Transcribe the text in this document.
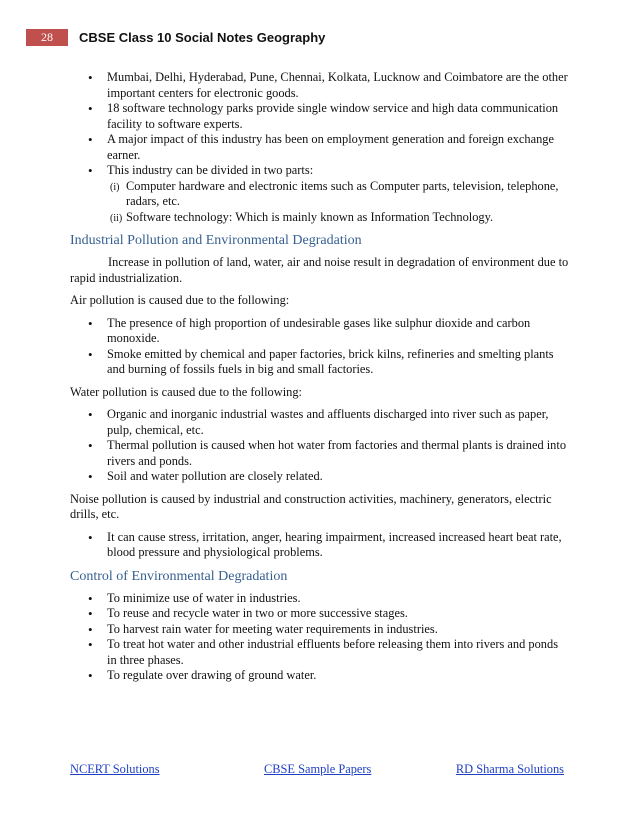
28	CBSE Class 10 Social Notes Geography
• Mumbai, Delhi, Hyderabad, Pune, Chennai, Kolkata, Lucknow and Coimbatore are the other important centers for electronic goods.
• 18 software technology parks provide single window service and high data communication facility to software experts.
• A major impact of this industry has been on employment generation and foreign exchange earner.
• This industry can be divided in two parts:
(i) Computer hardware and electronic items such as Computer parts, television, telephone, radars, etc.
(ii) Software technology: Which is mainly known as Information Technology.
Industrial Pollution and Environmental Degradation

Increase in pollution of land, water, air and noise result in degradation of environment due to rapid industrialization.

Air pollution is caused due to the following:

• The presence of high proportion of undesirable gases like sulphur dioxide and carbon monoxide.
• Smoke emitted by chemical and paper factories, brick kilns, refineries and smelting plants and burning of fossils fuels in big and small factories.

Water pollution is caused due to the following:

• Organic and inorganic industrial wastes and affluents discharged into river such as paper, pulp, chemical, etc.
• Thermal pollution is caused when hot water from factories and thermal plants is drained into rivers and ponds.
• Soil and water pollution are closely related.

Noise pollution is caused by industrial and construction activities, machinery, generators, electric drills, etc.

• It can cause stress, irritation, anger, hearing impairment, increased increased heart beat rate, blood pressure and physiological problems.
Control of Environmental Degradation
• To minimize use of water in industries.
• To reuse and recycle water in two or more successive stages.
• To harvest rain water for meeting water requirements in industries.
• To treat hot water and other industrial effluents before releasing them into rivers and ponds in three phases.
• To regulate over drawing of ground water.
NCERT Solutions	CBSE Sample Papers	RD Sharma Solutions
